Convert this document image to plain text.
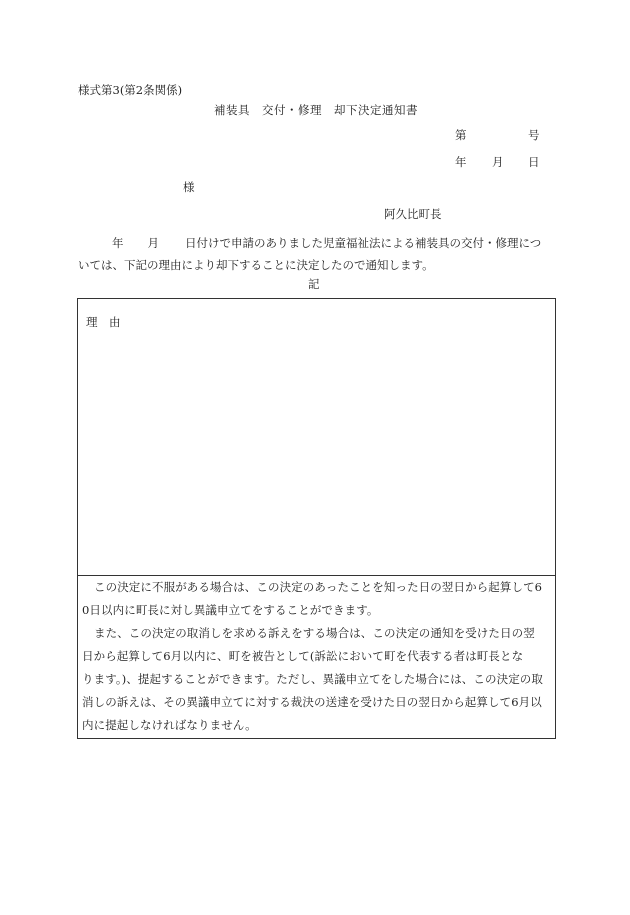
様式第3(第2条関係)
補装具　交付・修理　却下決定通知書
第	号
年 月 日
様
阿久比町長
年 月 日付けで申請のありました児童福祉法による補装具の交付・修理につ
いては、下記の理由により却下することに決定したので通知します。
記
理　由
この決定に不服がある場合は、この決定のあったことを知った日の翌日から起算して6
0日以内に町長に対し異議申立てをすることができます。
また、この決定の取消しを求める訴えをする場合は、この決定の通知を受けた日の翌
日から起算して6月以内に、町を被告として(訴訟において町を代表する者は町長とな
ります。)、提起することができます。ただし、異議申立てをした場合には、この決定の取
消しの訴えは、その異議申立てに対する裁決の送達を受けた日の翌日から起算して6月以
内に提起しなければなりません。
